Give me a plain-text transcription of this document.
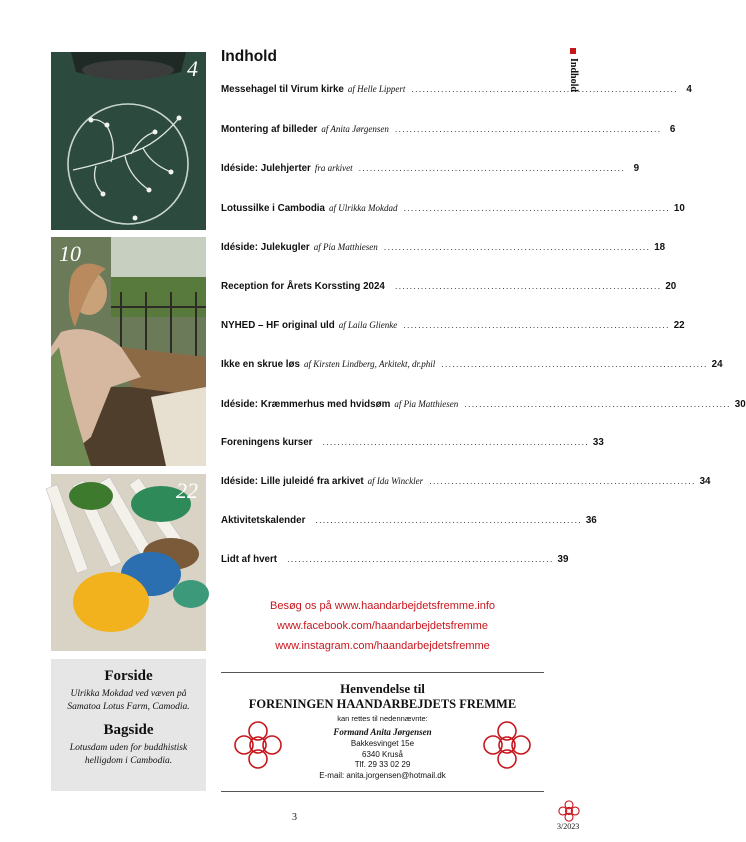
4
10
22
Forside
Ulrikka Mokdad ved væven på Samatoa Lotus Farm, Camodia.
Bagside
Lotusdam uden for buddhistisk helligdom i Cambodia.
Indhold
Messehagel til Virum kirke af Helle Lippert ........................................................................ 4
Montering af billeder af Anita Jørgensen ........................................................................ 6
Idéside: Julehjerter fra arkivet ........................................................................ 9
Lotussilke i Cambodia af Ulrikka Mokdad ........................................................................ 10
Idéside: Julekugler af Pia Matthiesen ........................................................................ 18
Reception for Årets Korssting 2024 ........................................................................ 20
NYHED – HF original uld af Laila Glienke ........................................................................ 22
Ikke en skrue løs af Kirsten Lindberg, Arkitekt, dr.phil ........................................................................ 24
Idéside: Kræmmerhus med hvidsøm af Pia Matthiesen ........................................................................ 30
Foreningens kurser ........................................................................ 33
Idéside: Lille juleidé fra arkivet af Ida Winckler ........................................................................ 34
Aktivitetskalender ........................................................................ 36
Lidt af hvert ........................................................................ 39
Besøg os på www.haandarbejdetsfremme.info
www.facebook.com/haandarbejdetsfremme
www.instagram.com/haandarbejdetsfremme
Henvendelse til
FORENINGEN HAANDARBEJDETS FREMME
kan rettes til nedennævnte:
Formand Anita Jørgensen
Bakkesvinget 15e
6340 Kruså
Tlf. 29 33 02 29
E-mail: anita.jorgensen@hotmail.dk
Indhold
3
3/2023
